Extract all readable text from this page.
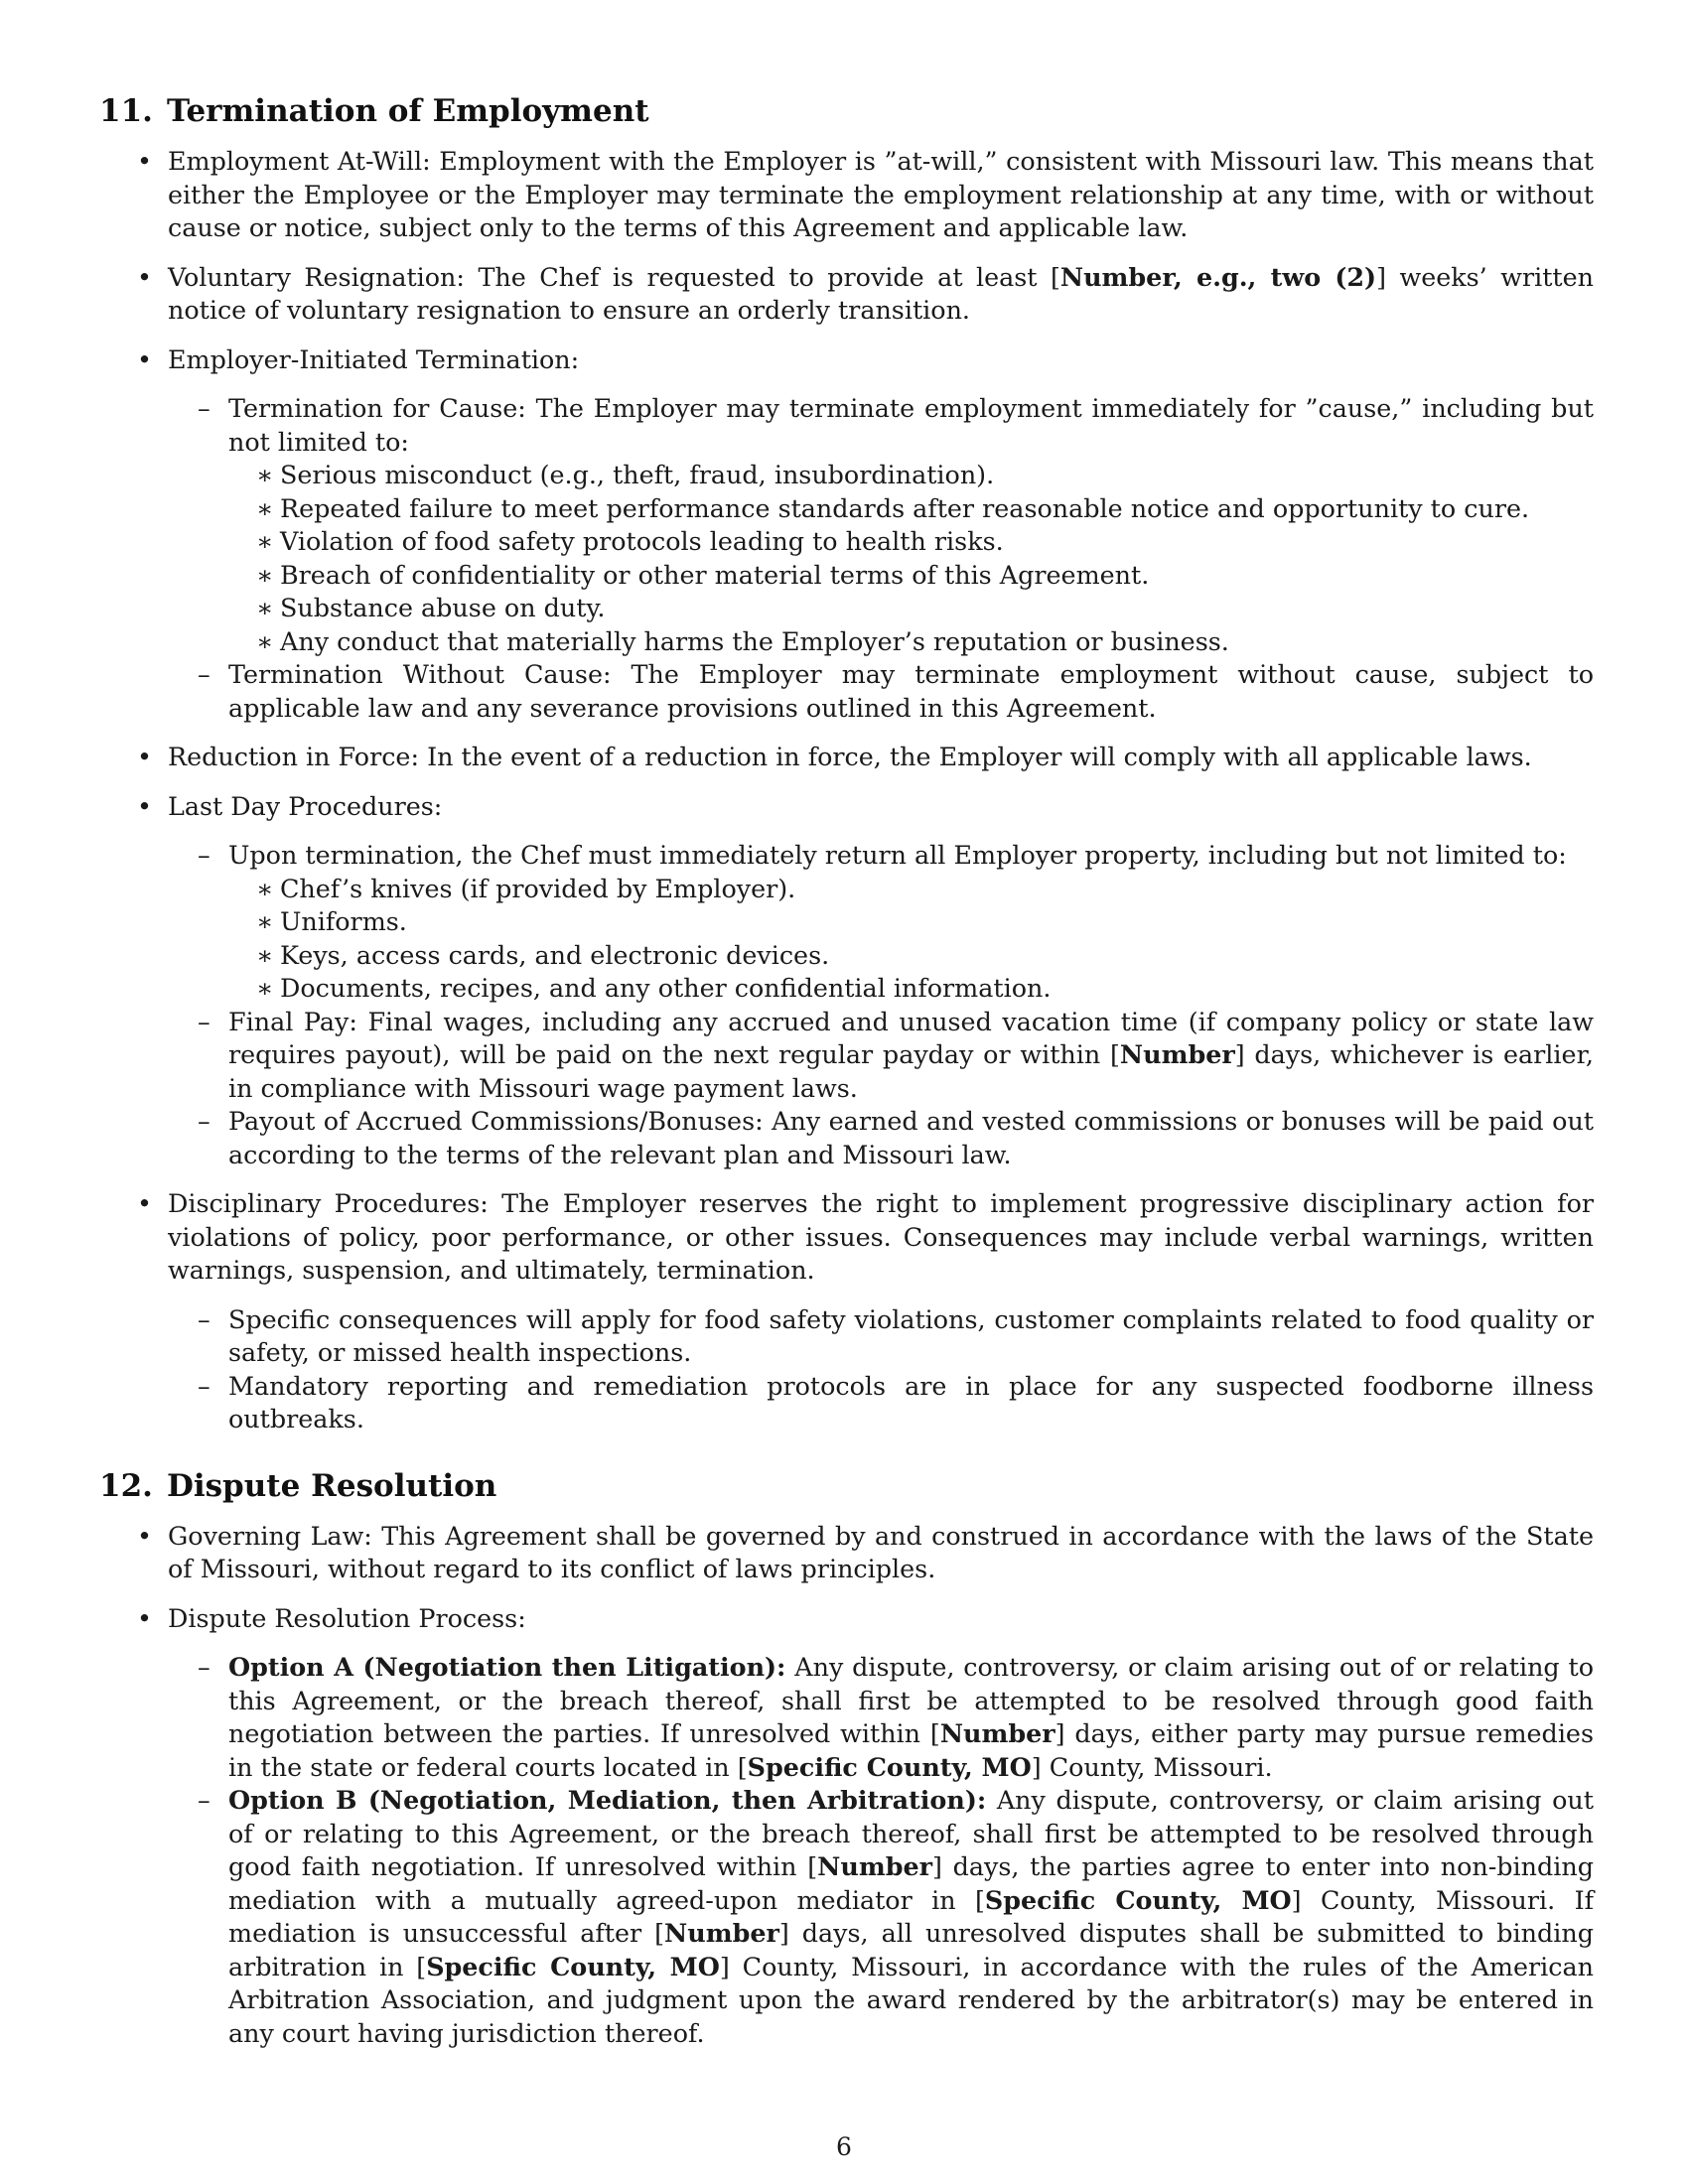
11. Termination of Employment
• Employment At-Will: Employment with the Employer is ”at-will,” consistent with Missouri law. This means that either the Employee or the Employer may terminate the employment relationship at any time, with or without cause or notice, subject only to the terms of this Agreement and applicable law.
• Voluntary Resignation: The Chef is requested to provide at least [Number, e.g., two (2)] weeks’ written notice of voluntary resignation to ensure an orderly transition.
• Employer-Initiated Termination:
– Termination for Cause: The Employer may terminate employment immediately for ”cause,” including but not limited to:
∗ Serious misconduct (e.g., theft, fraud, insubordination).
∗ Repeated failure to meet performance standards after reasonable notice and opportunity to cure.
∗ Violation of food safety protocols leading to health risks.
∗ Breach of confidentiality or other material terms of this Agreement.
∗ Substance abuse on duty.
∗ Any conduct that materially harms the Employer’s reputation or business.
– Termination Without Cause: The Employer may terminate employment without cause, subject to applicable law and any severance provisions outlined in this Agreement.
• Reduction in Force: In the event of a reduction in force, the Employer will comply with all applicable laws.
• Last Day Procedures:
– Upon termination, the Chef must immediately return all Employer property, including but not limited to:
∗ Chef’s knives (if provided by Employer).
∗ Uniforms.
∗ Keys, access cards, and electronic devices.
∗ Documents, recipes, and any other confidential information.
– Final Pay: Final wages, including any accrued and unused vacation time (if company policy or state law requires payout), will be paid on the next regular payday or within [Number] days, whichever is earlier, in compliance with Missouri wage payment laws.
– Payout of Accrued Commissions/Bonuses: Any earned and vested commissions or bonuses will be paid out according to the terms of the relevant plan and Missouri law.
• Disciplinary Procedures: The Employer reserves the right to implement progressive disciplinary action for violations of policy, poor performance, or other issues. Consequences may include verbal warnings, written warnings, suspension, and ultimately, termination.
– Specific consequences will apply for food safety violations, customer complaints related to food quality or safety, or missed health inspections.
– Mandatory reporting and remediation protocols are in place for any suspected foodborne illness outbreaks.
12. Dispute Resolution
• Governing Law: This Agreement shall be governed by and construed in accordance with the laws of the State of Missouri, without regard to its conflict of laws principles.
• Dispute Resolution Process:
– Option A (Negotiation then Litigation): Any dispute, controversy, or claim arising out of or relating to this Agreement, or the breach thereof, shall first be attempted to be resolved through good faith negotiation between the parties. If unresolved within [Number] days, either party may pursue remedies in the state or federal courts located in [Specific County, MO] County, Missouri.
– Option B (Negotiation, Mediation, then Arbitration): Any dispute, controversy, or claim arising out of or relating to this Agreement, or the breach thereof, shall first be attempted to be resolved through good faith negotiation. If unresolved within [Number] days, the parties agree to enter into non-binding mediation with a mutually agreed-upon mediator in [Specific County, MO] County, Missouri. If mediation is unsuccessful after [Number] days, all unresolved disputes shall be submitted to binding arbitration in [Specific County, MO] County, Missouri, in accordance with the rules of the American Arbitration Association, and judgment upon the award rendered by the arbitrator(s) may be entered in any court having jurisdiction thereof.
6
